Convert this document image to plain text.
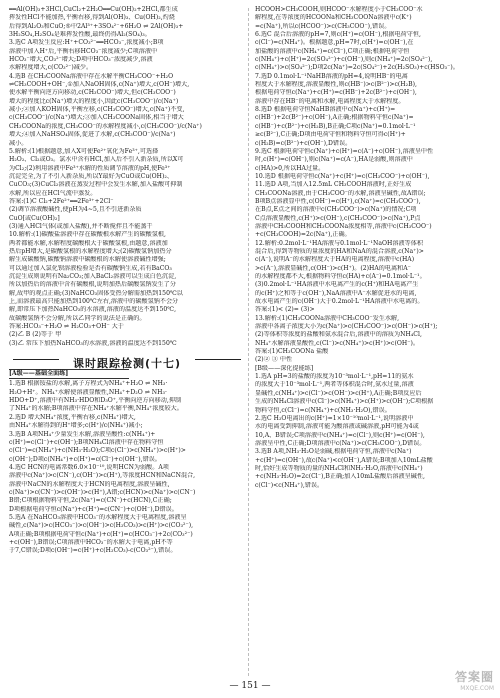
══Al(OH)₃+3HCl,CuCl₂+2H₂O══Cu(OH)₂+2HCl,都生成
挥发性HCl不能加热,平衡右移,得到Al(OH)₃、Cu(OH)₂,灼烧
后得到Al₂O₃和CuO;⑤中2Al³⁺+3SO₄²⁻+6H₂O ⇌ 2Al(OH)₃+
3H₂SO₄,H₂SO₄是难挥发性酸,最终仍得Al₂(SO₄)₃。
3.选C A项发生反应:H⁺+CO₃²⁻══HCO₃⁻,浓度减小;B项
溶液中加入H⁺后,平衡右移HCO₃⁻浓度减少;C项溶液中
HCO₃⁻增大,CO₃²⁻增大;D项中HCO₃⁻浓度减少,溶液
水解程度增大,c(CO₃²⁻)减少。
4.选B 在CH₃COONa溶液中存在水解平衡CH₃COO⁻+H₂O
⇌CH₃COOH+OH⁻,①加入NaOH固体,c(Na⁺)增大,c(OH⁻)增大,
使水解平衡向逆方向移动,c(CH₃COO⁻)增大,但c(CH₃COO⁻)
增大的程度比c(Na⁺)增大的程度小,因此c(CH₃COO⁻)/c(Na⁺)
减小;②加入KOH固体,平衡左移,c(CH₃COO⁻)增大,c(Na⁺)不变,
c(CH₃COO⁻)/c(Na⁺)增大;③加入CH₃COONa固体,相当于增大
CH₃COONa的浓度,CH₃COO⁻的水解程度减小,c(CH₃COO⁻)/c(Na⁺)
增大;④加入NaHSO₄固体,促进了水解,c(CH₃COO⁻)/c(Na⁺)
减小。
5.解析:(1)根据题意,加入X可使Fe²⁺氧化为Fe³⁺,可选择
H₂O₂、Cl₂或O₃。氯水中含有HCl,加入后不引入新杂质,所以X可
为Cl₂;(2)利用溶液中Fe³⁺水解的性质调节溶液的pH,使Fe³⁺
沉淀完全,为了不引入新杂质,所以Y最好为CuO或Cu(OH)₂、
CuCO₃;(3)CuCl₂溶液在蒸发过程中会发生水解,加入盐酸可抑制
水解,所以应在HCl气流中蒸发。
答案:(1)C Cl₂+2Fe²⁺══2Fe³⁺+2Cl⁻
(2)调节溶液酸碱性,使pH为4~5,且不引进新杂质
CuO[或Cu(OH)₂]
(3)通入HCl气体(或加入盐酸),并不断搅拌且不能蒸干
10.解析:(1)碳酸盐溶液中存在碳酸根水解产生的碳酸氢根,
两者都能水解,水解程度碳酸根大于碳酸氢根,由题意,溶液加
热后pH增大,是碳酸氢根的水解程度增大;(2)碳酸氢钠加热分
解生成碳酸钠,碳酸钠溶液中碳酸根的水解使溶液碱性增强;
可以通过加入氯化钡溶液检验是否有碳酸钠生成,若有BaCO₃
沉淀生成则说明有Na₂CO₃;加入BaCl₂溶液可以生成白色沉淀,
所以加热后的溶液中含有碳酸根,说明加热后碳酸氢钠发生了分
解,故甲的观点正确;(3)NaHCO₃固体受热分解需加热到150℃以
上,而溶液最高只能加热到100℃左右,溶液中的碳酸氢钠不会分
解,即常压下加热NaHCO₃的水溶液,溶液的温度达不到150℃,
故碳酸氢钠不会分解,所以乙同学的说法是正确的。
答案:HCO₃⁻+H₂O ⇌ H₂CO₃+OH⁻ 大于
(2)乙 B (2)等于 甲
(3)乙 常压下加热NaHCO₃的水溶液,溶液的温度达不到150℃
课时跟踪检测(十七)
[A级——基础全面练]
1.选B 根据铵盐的水解,离子方程式为NH₄⁺+H₂O ⇌ NH₃·
H₂O+H⁺。NH₄⁺水解使溶液显酸性,NH₄⁺+D₂O ⇌ NH₃·
HDO+D⁺,溶液中有NH₃·HDO和D₃O⁺,平衡向逆方向移动,抑制
了NH₄⁺的水解;B项溶液中存在NH₄⁺水解平衡,NH₄⁺浓度较大。
2.选D 增大NH₄⁺浓度,平衡右移,c(NH₄⁺)增大,
由NH₄⁺水解得到的H⁺增多;c(H⁺)/c(NH₄⁺)减小;
3.选B A项NH₄⁺少量发生水解,溶液呈酸性:c(NH₄⁺)+
c(H⁺)=c(Cl⁻)+c(OH⁻);B项NH₄Cl溶液中存在物料守恒
c(Cl⁻)=c(NH₄⁺)+c(NH₃·H₂O);C项c(Cl⁻)>c(NH₄⁺)>c(H⁺)>
c(OH⁻);D项c(NH₄⁺)+c(H⁺)=c(Cl⁻)+c(OH⁻),错误。
4.选C HCN的电离常数6.0×10⁻¹⁰,说明HCN为弱酸。A项
溶液中c(Na⁺)>c(CN⁻),c(OH⁻)>c(H⁺),等浓度HCN和NaCN混合,
溶液中NaCN的水解程度大于HCN的电离程度,溶液呈碱性,
c(Na⁺)>c(CN⁻)>c(OH⁻)>c(H⁺),A错;c(HCN)>c(Na⁺)>c(CN⁻)
B错;C项根据物料守恒,2c(Na⁺)=c(CN⁻)+c(HCN),C正确;
D项根据电荷守恒c(Na⁺)+c(H⁺)=c(CN⁻)+c(OH⁻),D错误。
5.选A 在NaHCO₃溶液中HCO₃⁻的水解程度大于电离程度,溶液呈
碱性,c(Na⁺)>c(HCO₃⁻)>c(OH⁻)>c(H₂CO₃)>c(H⁺)>c(CO₃²⁻),
A项正确;B项根据电荷守恒c(Na⁺)+c(H⁺)=c(HCO₃⁻)+2c(CO₃²⁻)
+c(OH⁻),B错误;C项溶液中HCO₃⁻的水解大于电离,pH不等
于7,C错误;D项c(OH⁻)=c(H⁺)+c(H₂CO₃)-c(CO₃²⁻),错误。
HCOOH>CH₃COOH,则HCOO⁻水解程度小于CH₃COO⁻水
解程度,在等浓度的HCOONa和CH₃COONa溶液中c(K⁺)
=c(Na⁺),所以c(HCOO⁻)>c(CH₃COO⁻),错误。
6.选C 混合后溶液的pH=7,则c(H⁺)=c(OH⁻),根据电荷守恒,
c(Cl⁻)=c(NH₄⁺)。根据题意,pH=7时,c(H⁺)=c(OH⁻),在
加盐酸的溶液中c(NH₄⁺)=c(Cl⁻),C项正确;根据电荷守恒
c(NH₄⁺)+c(H⁺)=2c(SO₄²⁻)+c(OH⁻),则c(NH₄⁺)=2c(SO₄²⁻),
c(NH₄⁺)>c(SO₄²⁻);D项2c(Na⁺)=2c(SO₄²⁻)+2c(H₂SO₃)+c(HSO₃⁻)。
7.选D 0.1mol·L⁻¹NaHB溶液的pH=4,说明HB⁻的电离
程度大于水解程度,溶液显酸性,则c(HB⁻)>c(B²⁻)>c(H₂B),
根据电荷守恒c(Na⁺)+c(H⁺)=c(HB⁻)+2c(B²⁻)+c(OH⁻),
溶液中存在HB⁻的电离和水解,电离程度大于水解程度。
8.选D 根据电荷守恒NaHB溶液中c(Na⁺)+c(H⁺)=
c(HB⁻)+2c(B²⁻)+c(OH⁻),A正确;根据物料守恒c(Na⁺)=
c(HB⁻)+c(B²⁻)+c(H₂B),B正确;C项c(Na⁺)=0.1mol·L⁻¹
≥c(B²⁻),C正确;D项由电荷守恒和物料守恒可得c(H⁺)+
c(H₂B)=c(B²⁻)+c(OH⁻),D错误。
9.选C 根据电荷守恒c(Na⁺)+c(H⁺)=c(A⁻)+c(OH⁻),溶液呈中性
时,c(H⁺)=c(OH⁻),则c(Na⁺)=c(A⁻),HA是弱酸,则溶液中
c(HA)>0,所以HA过量。
10.选D 根据电荷守恒c(Na⁺)+c(H⁺)=c(CH₃COO⁻)+c(OH⁻),
11.选D A项,当加入12.5mL CH₃COOH溶液时,正好生成
CH₃COONa溶液,由于CH₃COO⁻的水解,溶液呈碱性,故A错误;
B项B点溶液显中性,c(OH⁻)=c(H⁺),c(Na⁺)=c(CH₃COO⁻),
在B点,E点之间的溶液中c(CH₃COO⁻)>c(Na⁺)的情况;C项
C点溶液显酸性,c(H⁺)>c(OH⁻),c(CH₃COO⁻)>c(Na⁺),P点
溶液中CH₃COOH和CH₃COONa浓度相等,溶液中c(CH₃COO⁻)
+c(CH₃COOH)=2c(Na⁺),正确。
12.解析:0.2mol·L⁻¹HA溶液与0.1mol·L⁻¹NaOH溶液等体积
混合后,得到等物质的量浓度的HA和NaA的混合溶液,c(Na⁺)>
c(A⁻),说明A⁻的水解程度大于HA的电离程度,溶液中c(HA)
>c(A⁻),溶液显碱性,c(OH⁻)>c(H⁺)。(2)HA的电离和A⁻
的水解程度都不大,根据物料守恒c(HA)+c(A⁻)=0.1mol·L⁻¹。
(3)0.2mol·L⁻¹HA溶液中水电离产生的c(H⁺)和HA电离产生
的c(H⁺)之和等于c(OH⁻),NaA溶液中A⁻水解促进水的电离,
故水电离产生的c(OH⁻)大于0.2mol·L⁻¹HA溶液中水电离的。
答案:(1)< (2)= (3)>
13.解析:(1)CH₃COONa溶液中CH₃COO⁻发生水解,
溶液中各离子浓度大小为c(Na⁺)>c(CH₃COO⁻)>c(OH⁻)>c(H⁺);
(2)等体积等浓度的盐酸和氨水混合后,溶液中的溶质为NH₄Cl,
NH₄⁺水解溶液显酸性,c(Cl⁻)>c(NH₄⁺)>c(H⁺)>c(OH⁻)。
答案:(1)CH₃COONa 盐酸
(2)② ③ 中性
[B级——深化提能练]
1.选A pH=3的盐酸的浓度为10⁻³mol·L⁻¹,pH=11的氨水
的浓度大于10⁻³mol·L⁻¹,两者等体积混合时,氨水过量,溶液
显碱性,c(NH₄⁺)>c(Cl⁻)>c(OH⁻)>c(H⁺),A正确;B项反应后
生成的NH₄Cl溶液中c(Cl⁻)>c(NH₄⁺)>c(H⁺)>c(OH⁻);C项根据
物料守恒,c(Cl⁻)=c(NH₄⁺)+c(NH₃·H₂O),错误。
2.选C H₂O电离出的c(H⁺)=1×10⁻¹⁰mol·L⁻¹,说明溶液中
水的电离受到抑制,溶液可能为酸溶液或碱溶液,pH可能为4或
10,A、B错误;C项溶液中c(NH₄⁺)=c(Cl⁻),则c(H⁺)=c(OH⁻),
溶液呈中性,C正确;D项溶液中c(Na⁺)>c(CH₃COO⁻),D错误。
3.选B A项,NH₃·H₂O是弱碱,根据电荷守恒,溶液中c(Na⁺)
+c(H⁺)=c(OH⁻),故c(Na⁺)<c(OH⁻),A错误;B项加入10mL盐酸
时,恰好生成等物质的量的NH₄Cl和NH₃·H₂O,溶液中c(NH₄⁺)
+c(NH₃·H₂O)=2c(Cl⁻),B正确;加入10mL盐酸后溶液呈碱性,
c(Cl⁻)<c(NH₄⁺),错误。
— 151 —
答案圈
MXQE.COM
